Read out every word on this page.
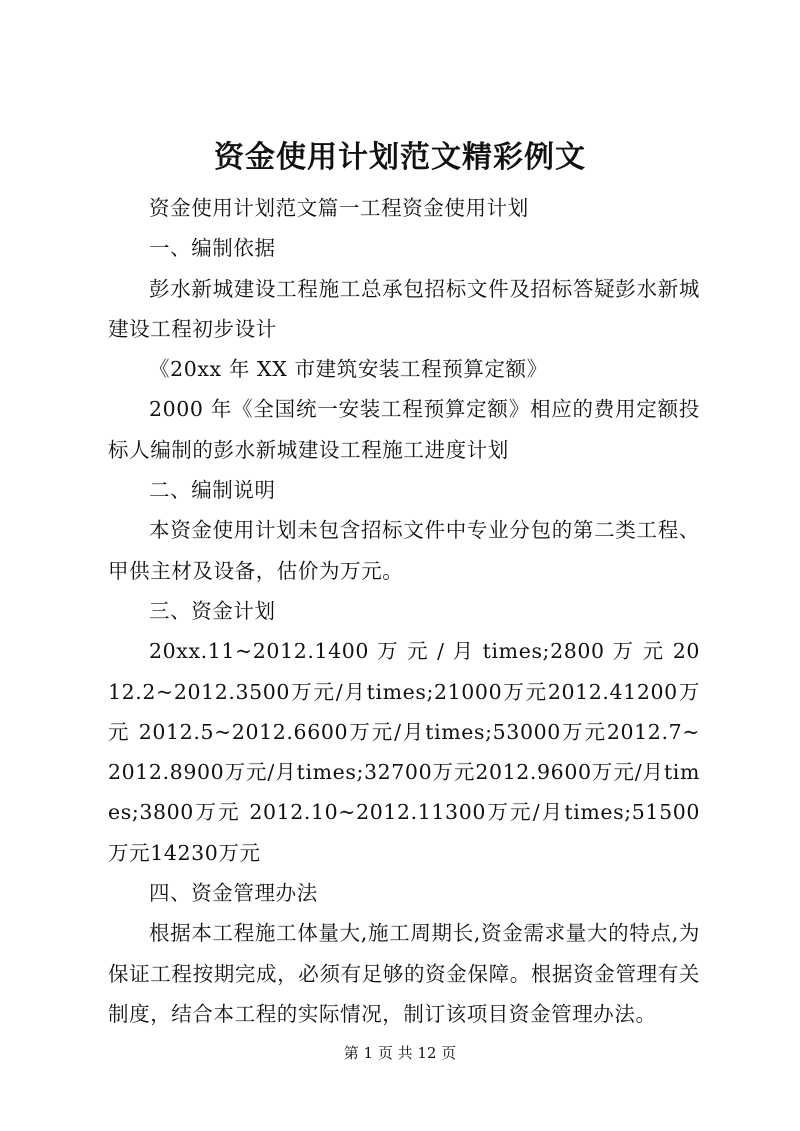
资金使用计划范文精彩例文

资金使用计划范文篇一工程资金使用计划

一、编制依据

彭水新城建设工程施工总承包招标文件及招标答疑彭水新城建设工程初步设计

《20xx 年 XX 市建筑安装工程预算定额》

2000 年《全国统一安装工程预算定额》相应的费用定额投标人编制的彭水新城建设工程施工进度计划

二、编制说明

本资金使用计划未包含招标文件中专业分包的第二类工程、甲供主材及设备，估价为万元。

三、资金计划

20xx.11~2012.1400 万 元 / 月 times;2800 万 元 2012.2~2012.3500万元/月times;21000万元2012.41200万元 2012.5~2012.6600万元/月times;53000万元2012.7~2012.8900万元/月times;32700万元2012.9600万元/月times;3800万元 2012.10~2012.11300万元/月times;51500万元14230万元

四、资金管理办法

根据本工程施工体量大,施工周期长,资金需求量大的特点,为保证工程按期完成，必须有足够的资金保障。根据资金管理有关制度，结合本工程的实际情况，制订该项目资金管理办法。

第 1 页 共 12 页
